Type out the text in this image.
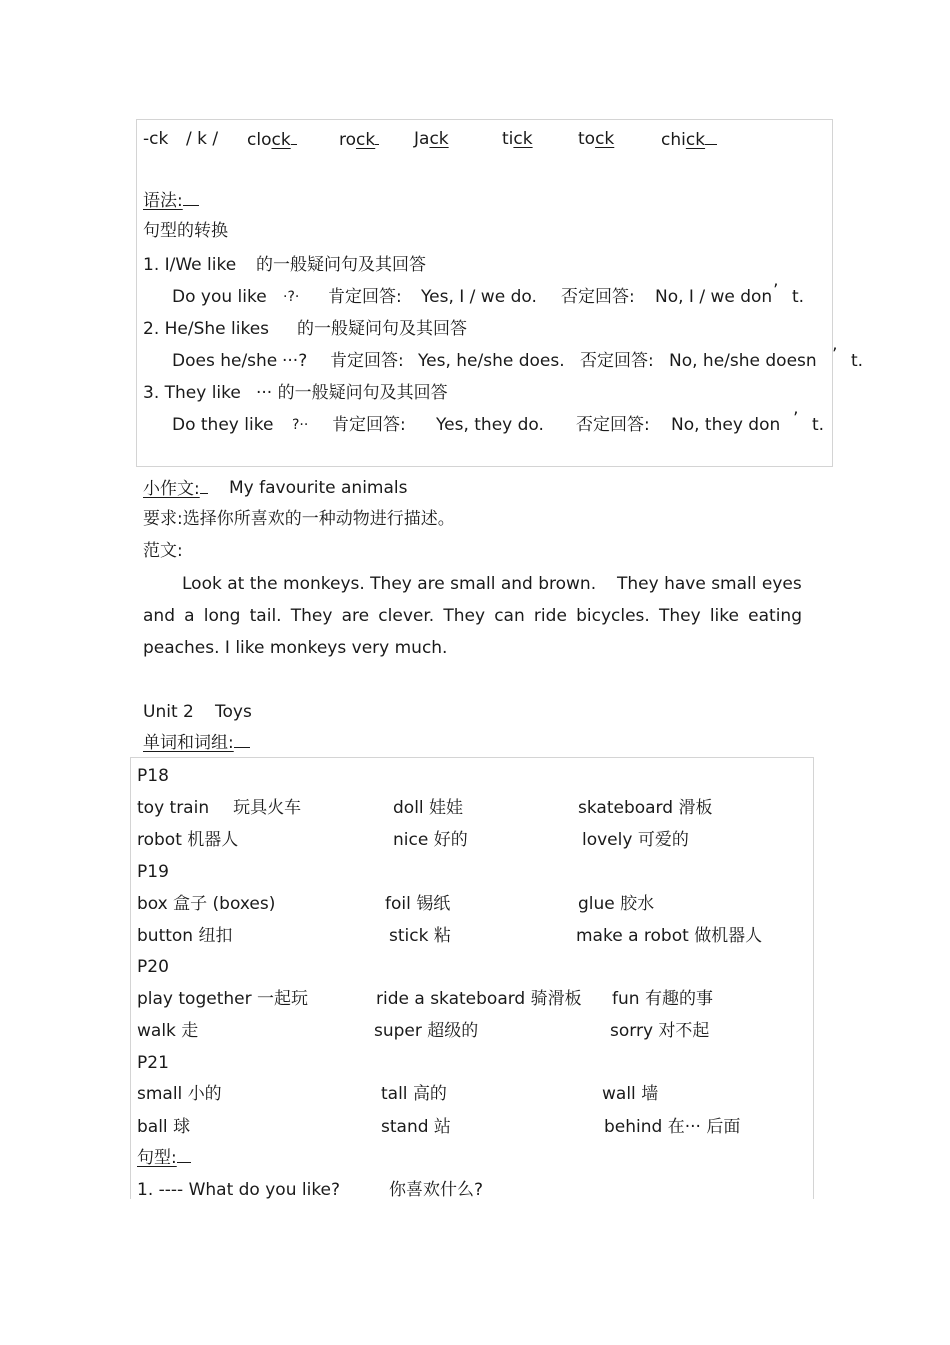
-ck / k / clock	rock Jack	tick	tock	chick
语法:
句型的转换
1. I/We like 的一般疑问句及其回答
Do you like ·?· 肯定回答: Yes, I / we do. 否定回答: No, I / we don ’ t.
2. He/She likes 的一般疑问句及其回答
Does he/she ···? 肯定回答: Yes, he/she does. 否定回答: No, he/she doesn ’ t.
3. They like ··· 的一般疑问句及其回答
Do they like ?·· 肯定回答: Yes, they do. 否定回答: No, they don ’ t.
小作文:	My favourite animals
要求:选择你所喜欢的一种动物进行描述。
范文:
Look at the monkeys. They are small and brown. They have small eyes
and a long tail. They are clever. They can ride bicycles. They like eating
peaches. I like monkeys very much.
Unit 2 Toys
单词和词组:
P18
toy train 玩具火车	doll 娃娃	skateboard 滑板
robot 机器人	nice 好的	lovely 可爱的
P19
box 盒子 (boxes)	foil 锡纸	glue 胶水
button 纽扣	stick 粘	make a robot 做机器人
P20
play together 一起玩	ride a skateboard 骑滑板 fun 有趣的事
walk 走	super 超级的	sorry 对不起
P21
small 小的	tall 高的	wall 墙
ball 球	stand 站	behind 在··· 后面
句型:
1. ---- What do you like?	你喜欢什么?
